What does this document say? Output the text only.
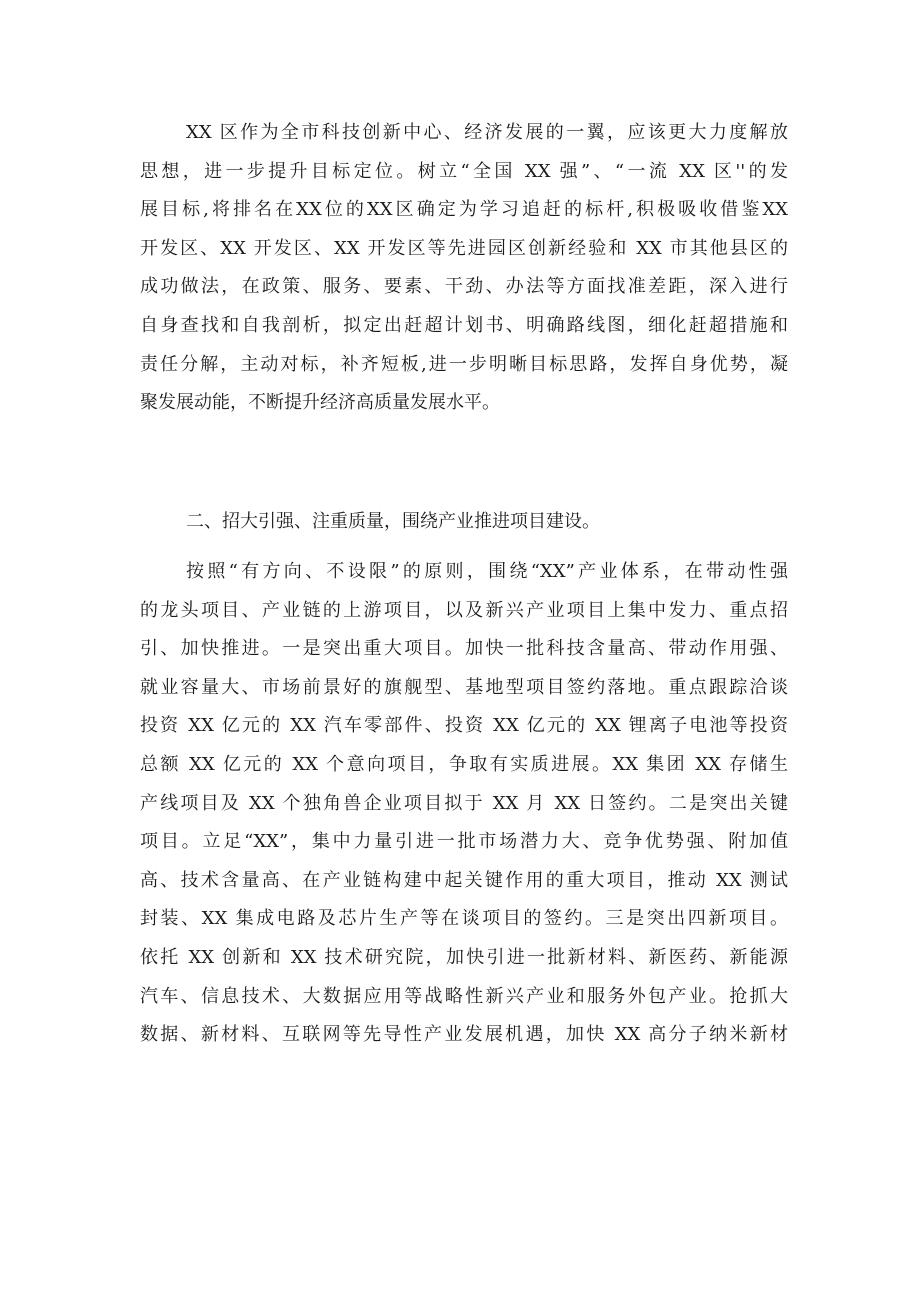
XX 区作为全市科技创新中心、经济发展的一翼，应该更大力度解放
思想，进一步提升目标定位。树立“全国 XX 强”、“一流 XX 区''的发
展目标,将排名在XX位的XX区确定为学习追赶的标杆,积极吸收借鉴XX
开发区、XX 开发区、XX 开发区等先进园区创新经验和 XX 市其他县区的
成功做法，在政策、服务、要素、干劲、办法等方面找准差距，深入进行
自身查找和自我剖析，拟定出赶超计划书、明确路线图，细化赶超措施和
责任分解，主动对标，补齐短板,进一步明晰目标思路，发挥自身优势，凝
聚发展动能，不断提升经济高质量发展水平。
二、招大引强、注重质量，围绕产业推进项目建设。
按照“有方向、不设限”的原则，围绕“XX”产业体系，在带动性强
的龙头项目、产业链的上游项目，以及新兴产业项目上集中发力、重点招
引、加快推进。一是突出重大项目。加快一批科技含量高、带动作用强、
就业容量大、市场前景好的旗舰型、基地型项目签约落地。重点跟踪洽谈
投资 XX 亿元的 XX 汽车零部件、投资 XX 亿元的 XX 锂离子电池等投资
总额 XX 亿元的 XX 个意向项目，争取有实质进展。XX 集团 XX 存储生
产线项目及 XX 个独角兽企业项目拟于 XX 月 XX 日签约。二是突出关键
项目。立足“XX”，集中力量引进一批市场潜力大、竞争优势强、附加值
高、技术含量高、在产业链构建中起关键作用的重大项目，推动 XX 测试
封装、XX 集成电路及芯片生产等在谈项目的签约。三是突出四新项目。
依托 XX 创新和 XX 技术研究院，加快引进一批新材料、新医药、新能源
汽车、信息技术、大数据应用等战略性新兴产业和服务外包产业。抢抓大
数据、新材料、互联网等先导性产业发展机遇，加快 XX 高分子纳米新材
